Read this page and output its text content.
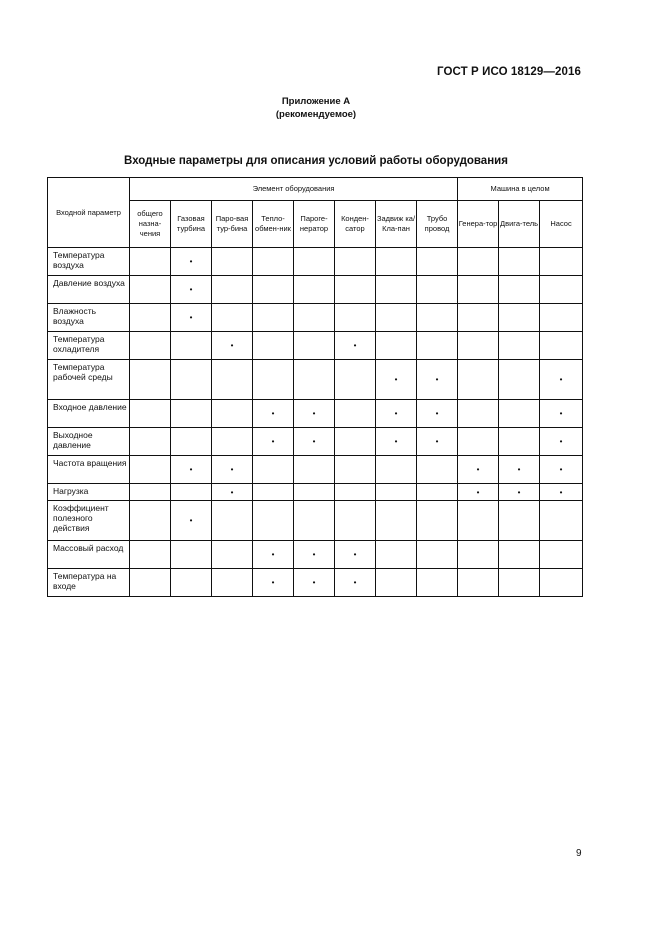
ГОСТ Р ИСО 18129—2016
Приложение А
(рекомендуемое)
Входные параметры для описания условий работы оборудования
Входной параметр	Элемент оборудования								Машина в целом		
	общего назна-чения	Газовая турбина	Паро-вая тур-бина	Тепло-обмен-ник	Пароге-нератор	Конден-сатор	Задвиж ка/ Кла-пан	Трубо провод	Генера-тор	Двига-тель	Насос
Температура воздуха		•									
Давление воздуха		•									
Влажность воздуха		•									
Температура охладителя			•			•					
Температура рабочей среды							•	•			•
Входное давление				•	•		•	•			•
Выходное давление				•	•		•	•			•
Частота вращения		•	•						•	•	•
Нагрузка			•						•	•	•
Коэффициент полезного действия		•									
Массовый расход				•	•	•					
Температура на входе				•	•	•					
9
